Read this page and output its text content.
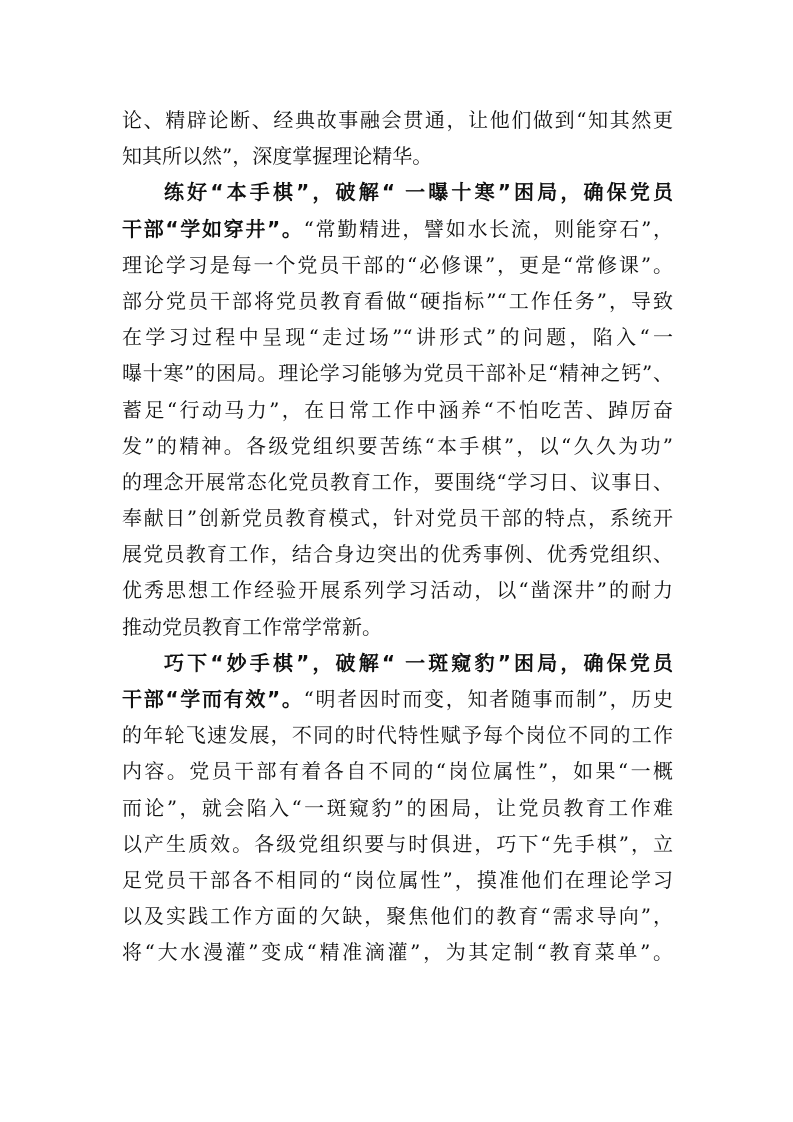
论、精辟论断、经典故事融会贯通，让他们做到“知其然更
知其所以然”，深度掌握理论精华。
练好“本手棋”，破解“ 一曝十寒”困局，确保党员
干部“学如穿井”。“常勤精进，譬如水长流，则能穿石”，
理论学习是每一个党员干部的“必修课”，更是“常修课”。
部分党员干部将党员教育看做“硬指标”“工作任务”，导致
在学习过程中呈现“走过场”“讲形式”的问题，陷入“一
曝十寒”的困局。理论学习能够为党员干部补足“精神之钙”、
蓄足“行动马力”，在日常工作中涵养“不怕吃苦、踔厉奋
发”的精神。各级党组织要苦练“本手棋”，以“久久为功”
的理念开展常态化党员教育工作，要围绕“学习日、议事日、
奉献日”创新党员教育模式，针对党员干部的特点，系统开
展党员教育工作，结合身边突出的优秀事例、优秀党组织、
优秀思想工作经验开展系列学习活动，以“凿深井”的耐力
推动党员教育工作常学常新。
巧下“妙手棋”，破解“ 一斑窥豹”困局，确保党员
干部“学而有效”。“明者因时而变，知者随事而制”，历史
的年轮飞速发展，不同的时代特性赋予每个岗位不同的工作
内容。党员干部有着各自不同的“岗位属性”，如果“一概
而论”，就会陷入“一斑窥豹”的困局，让党员教育工作难
以产生质效。各级党组织要与时俱进，巧下“先手棋”，立
足党员干部各不相同的“岗位属性”，摸准他们在理论学习
以及实践工作方面的欠缺，聚焦他们的教育“需求导向”，
将“大水漫灌”变成“精准滴灌”，为其定制“教育菜单”。
